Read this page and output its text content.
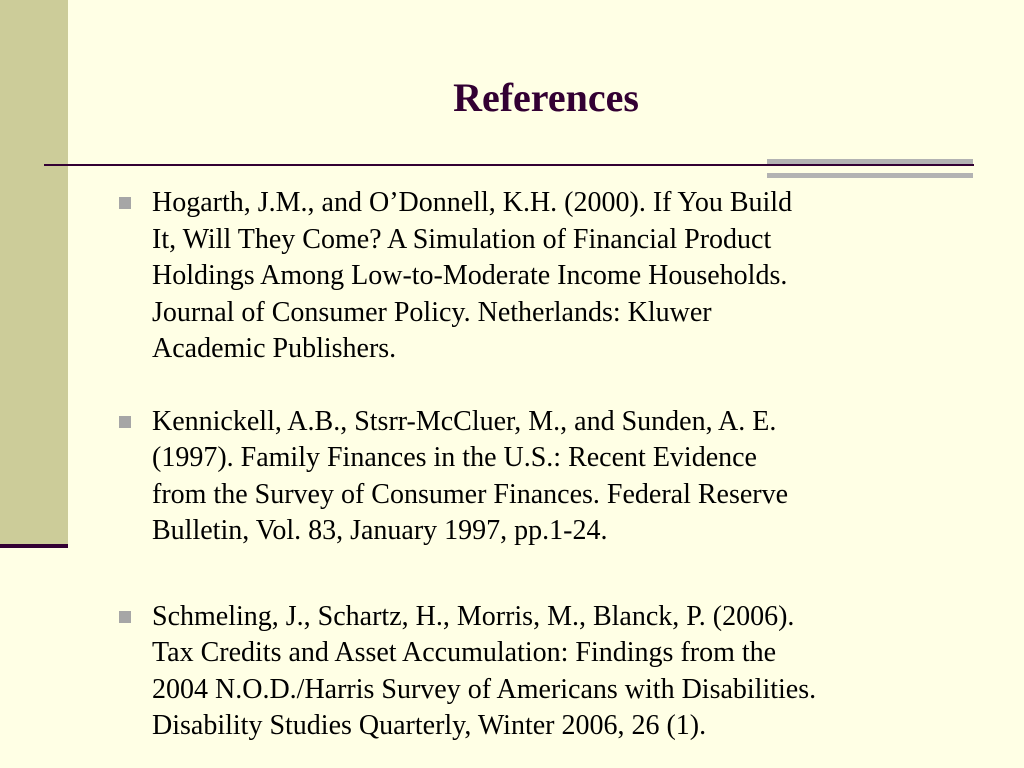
References
Hogarth, J.M., and O’Donnell, K.H. (2000). If You Build
It, Will They Come? A Simulation of Financial Product
Holdings Among Low-to-Moderate Income Households.
Journal of Consumer Policy. Netherlands: Kluwer
Academic Publishers.
Kennickell, A.B., Stsrr-McCluer, M., and Sunden, A. E.
(1997). Family Finances in the U.S.: Recent Evidence
from the Survey of Consumer Finances. Federal Reserve
Bulletin, Vol. 83, January 1997, pp.1-24.
Schmeling, J., Schartz, H., Morris, M., Blanck, P. (2006).
Tax Credits and Asset Accumulation: Findings from the
2004 N.O.D./Harris Survey of Americans with Disabilities.
Disability Studies Quarterly, Winter 2006, 26 (1).
